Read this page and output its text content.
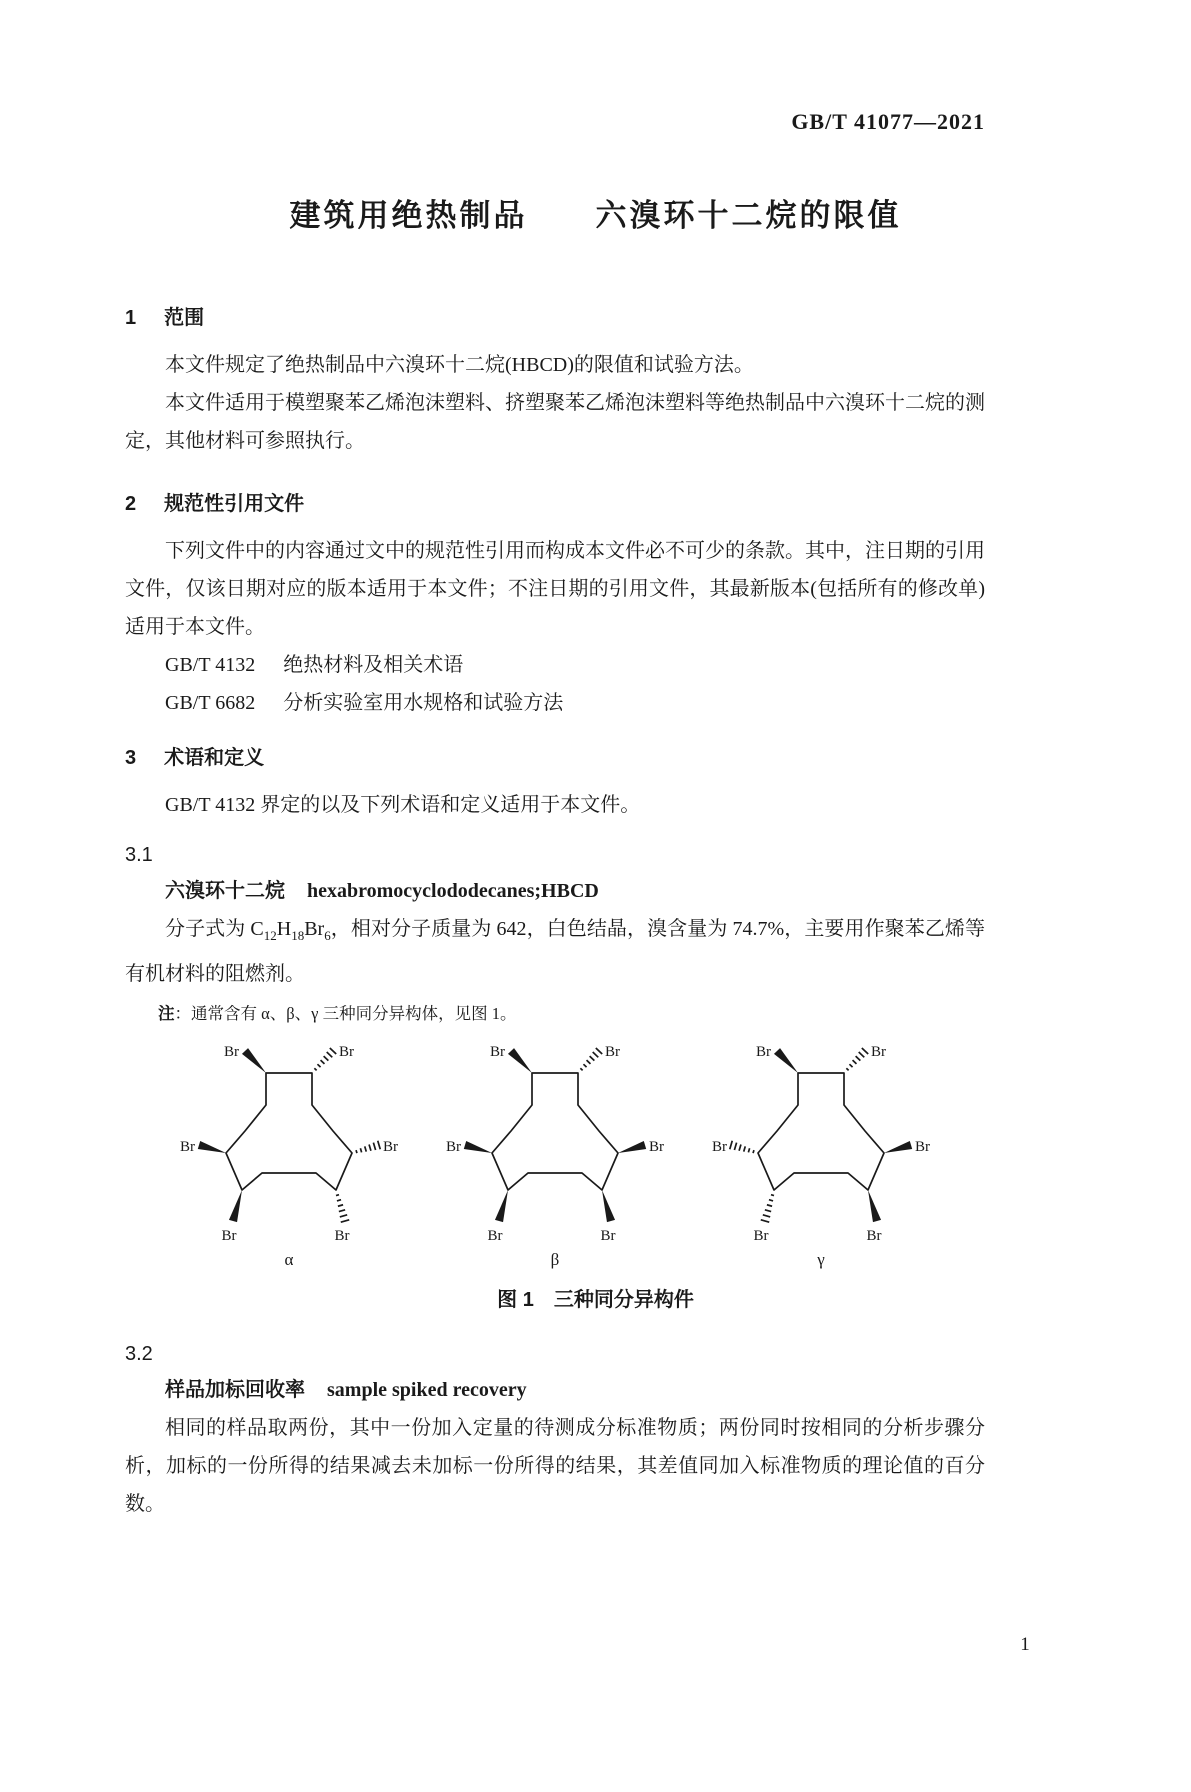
GB/T 41077—2021
建筑用绝热制品　　六溴环十二烷的限值
1 范围

本文件规定了绝热制品中六溴环十二烷(HBCD)的限值和试验方法。

本文件适用于模塑聚苯乙烯泡沫塑料、挤塑聚苯乙烯泡沫塑料等绝热制品中六溴环十二烷的测定，其他材料可参照执行。

2 规范性引用文件

下列文件中的内容通过文中的规范性引用而构成本文件必不可少的条款。其中，注日期的引用文件，仅该日期对应的版本适用于本文件；不注日期的引用文件，其最新版本(包括所有的修改单)适用于本文件。

GB/T 4132 绝热材料及相关术语
GB/T 6682 分析实验室用水规格和试验方法
3 术语和定义

GB/T 4132 界定的以及下列术语和定义适用于本文件。

3.1
六溴环十二烷 hexabromocyclododecanes;HBCD

分子式为 $C_{12}H_{18}Br_6$，相对分子质量为 642，白色结晶，溴含量为 74.7%，主要用作聚苯乙烯等有机材料的阻燃剂。

注：通常含有 α、β、γ 三种同分异构体，见图 1。
Br	Br
Br	Br
Br	Br
α
Br	Br
Br	Br
Br	Br
β
Br	Br
Br	Br
Br	Br
γ
图 1 三种同分异构件
3.2
样品加标回收率 sample spiked recovery

相同的样品取两份，其中一份加入定量的待测成分标准物质；两份同时按相同的分析步骤分析，加标的一份所得的结果减去未加标一份所得的结果，其差值同加入标准物质的理论值的百分数。

1
